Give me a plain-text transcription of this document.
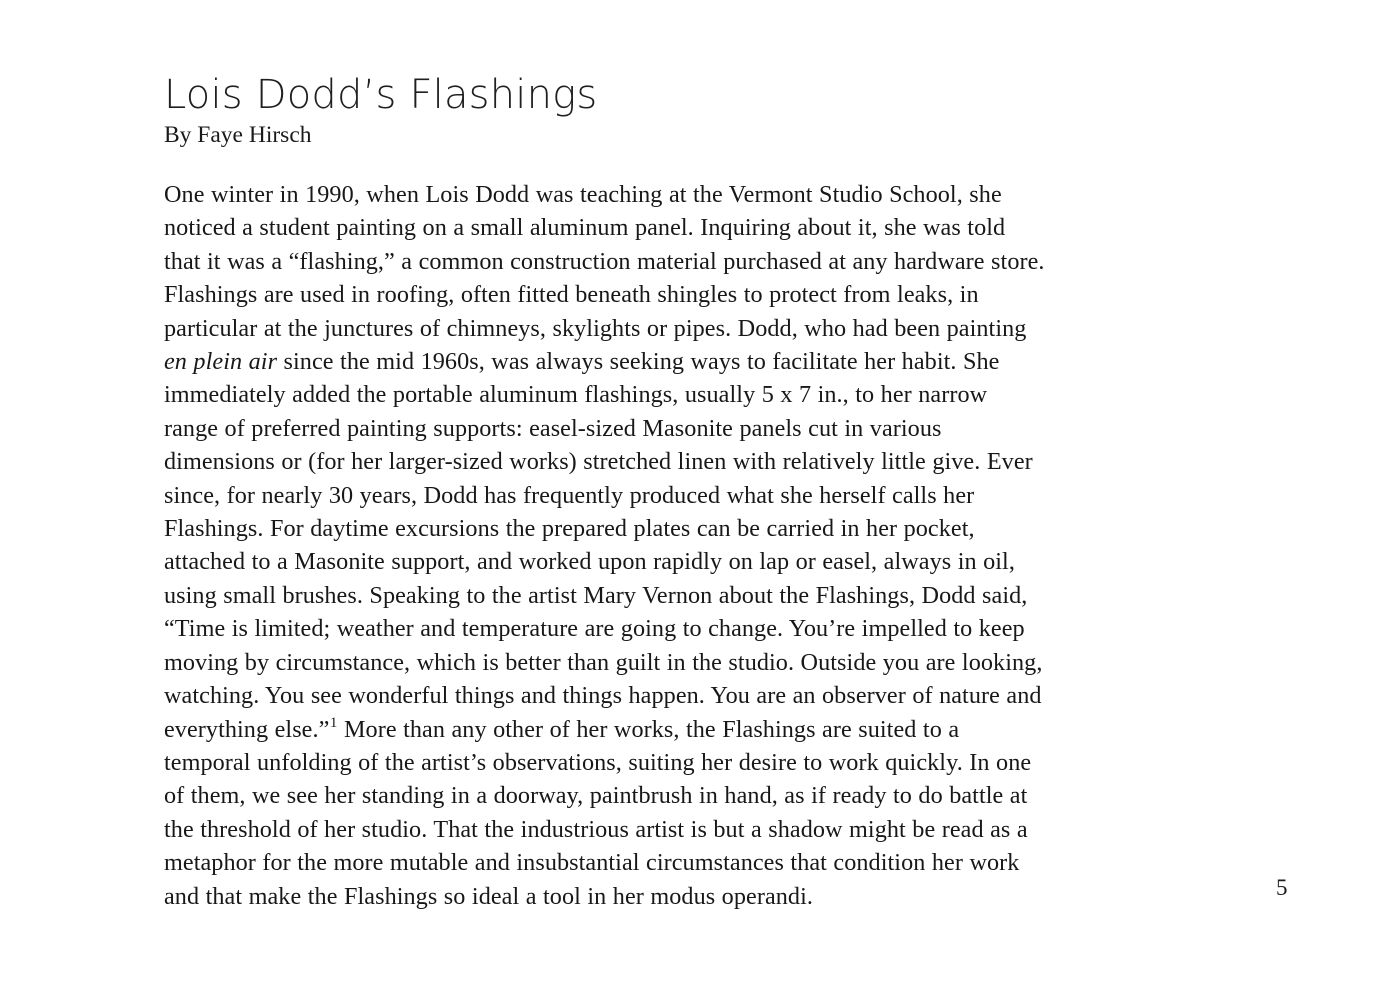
Lois Dodd’s Flashings
By Faye Hirsch

One winter in 1990, when Lois Dodd was teaching at the Vermont Studio School, she noticed a student painting on a small aluminum panel. Inquiring about it, she was told that it was a “flashing,” a common construction material purchased at any hardware store. Flashings are used in roofing, often fitted beneath shingles to protect from leaks, in particular at the junctures of chimneys, skylights or pipes. Dodd, who had been painting en plein air since the mid 1960s, was always seeking ways to facilitate her habit. She immediately added the portable aluminum flashings, usually 5 x 7 in., to her narrow range of preferred painting supports: easel-sized Masonite panels cut in various dimensions or (for her larger-sized works) stretched linen with relatively little give. Ever since, for nearly 30 years, Dodd has frequently produced what she herself calls her Flashings. For daytime excursions the prepared plates can be carried in her pocket, attached to a Masonite support, and worked upon rapidly on lap or easel, always in oil, using small brushes. Speaking to the artist Mary Vernon about the Flashings, Dodd said, “Time is limited; weather and temperature are going to change. You’re impelled to keep moving by circumstance, which is better than guilt in the studio. Outside you are looking, watching. You see wonderful things and things happen. You are an observer of nature and everything else.”$^1$ More than any other of her works, the Flashings are suited to a temporal unfolding of the artist’s observations, suiting her desire to work quickly. In one of them, we see her standing in a doorway, paintbrush in hand, as if ready to do battle at the threshold of her studio. That the industrious artist is but a shadow might be read as a metaphor for the more mutable and insubstantial circumstances that condition her work and that make the Flashings so ideal a tool in her modus operandi.	5
